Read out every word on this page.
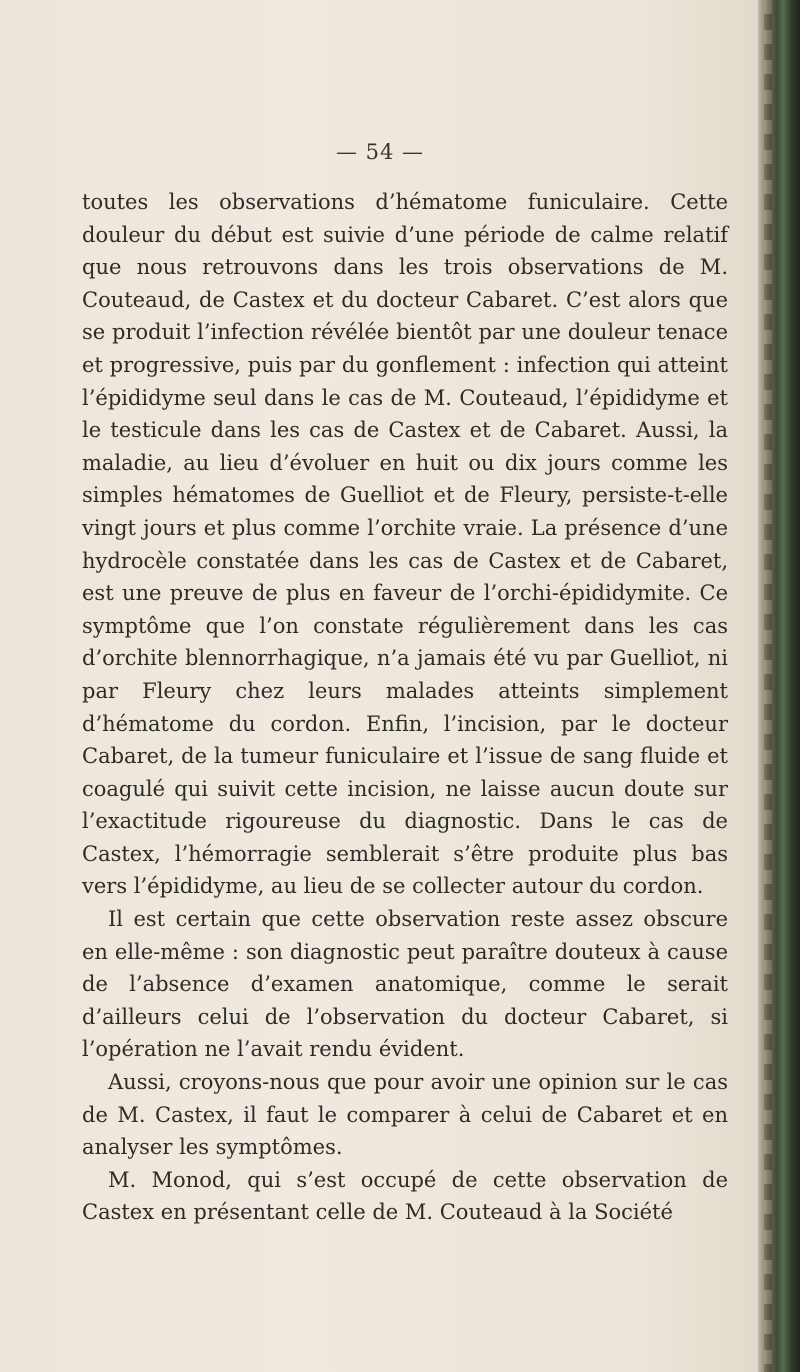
— 54 —

toutes les observations d’hématome funiculaire. Cette douleur du début est suivie d’une période de calme relatif que nous retrouvons dans les trois observations de M. Couteaud, de Castex et du docteur Cabaret. C’est alors que se produit l’infection révélée bientôt par une douleur tenace et progressive, puis par du gonflement : infection qui atteint l’épididyme seul dans le cas de M. Couteaud, l’épididyme et le testicule dans les cas de Castex et de Cabaret. Aussi, la maladie, au lieu d’évoluer en huit ou dix jours comme les simples hématomes de Guelliot et de Fleury, persiste-t-elle vingt jours et plus comme l’orchite vraie. La présence d’une hydrocèle constatée dans les cas de Castex et de Cabaret, est une preuve de plus en faveur de l’orchi-épididymite. Ce symptôme que l’on constate régulièrement dans les cas d’orchite blennorrhagique, n’a jamais été vu par Guelliot, ni par Fleury chez leurs malades atteints simplement d’hématome du cordon. Enfin, l’incision, par le docteur Cabaret, de la tumeur funiculaire et l’issue de sang fluide et coagulé qui suivit cette incision, ne laisse aucun doute sur l’exactitude rigoureuse du diagnostic. Dans le cas de Castex, l’hémorragie semblerait s’être produite plus bas vers l’épididyme, au lieu de se collecter autour du cordon.

Il est certain que cette observation reste assez obscure en elle-même : son diagnostic peut paraître douteux à cause de l’absence d’examen anatomique, comme le serait d’ailleurs celui de l’observation du docteur Cabaret, si l’opération ne l’avait rendu évident.

Aussi, croyons-nous que pour avoir une opinion sur le cas de M. Castex, il faut le comparer à celui de Cabaret et en analyser les symptômes.

M. Monod, qui s’est occupé de cette observation de Castex en présentant celle de M. Couteaud à la Société
